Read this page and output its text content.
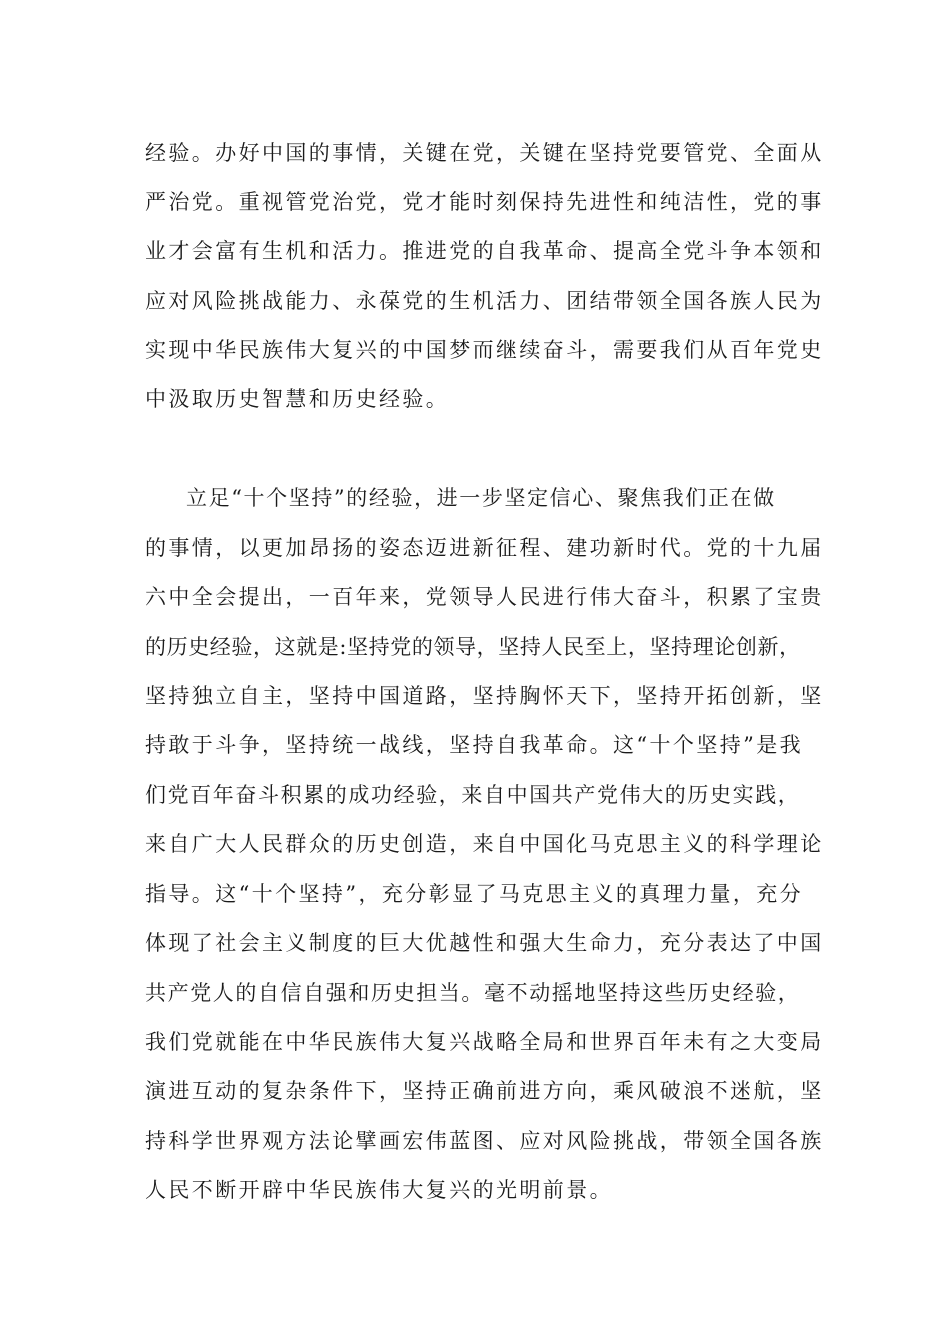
经验。办好中国的事情，关键在党，关键在坚持党要管党、全面从
严治党。重视管党治党，党才能时刻保持先进性和纯洁性，党的事
业才会富有生机和活力。推进党的自我革命、提高全党斗争本领和
应对风险挑战能力、永葆党的生机活力、团结带领全国各族人民为
实现中华民族伟大复兴的中国梦而继续奋斗，需要我们从百年党史
中汲取历史智慧和历史经验。
立足“十个坚持”的经验，进一步坚定信心、聚焦我们正在做
的事情，以更加昂扬的姿态迈进新征程、建功新时代。党的十九届
六中全会提出，一百年来，党领导人民进行伟大奋斗，积累了宝贵
的历史经验，这就是:坚持党的领导，坚持人民至上，坚持理论创新，
坚持独立自主，坚持中国道路，坚持胸怀天下，坚持开拓创新，坚
持敢于斗争，坚持统一战线，坚持自我革命。这“十个坚持”是我
们党百年奋斗积累的成功经验，来自中国共产党伟大的历史实践，
来自广大人民群众的历史创造，来自中国化马克思主义的科学理论
指导。这“十个坚持”，充分彰显了马克思主义的真理力量，充分
体现了社会主义制度的巨大优越性和强大生命力，充分表达了中国
共产党人的自信自强和历史担当。毫不动摇地坚持这些历史经验，
我们党就能在中华民族伟大复兴战略全局和世界百年未有之大变局
演进互动的复杂条件下，坚持正确前进方向，乘风破浪不迷航，坚
持科学世界观方法论擘画宏伟蓝图、应对风险挑战，带领全国各族
人民不断开辟中华民族伟大复兴的光明前景。
